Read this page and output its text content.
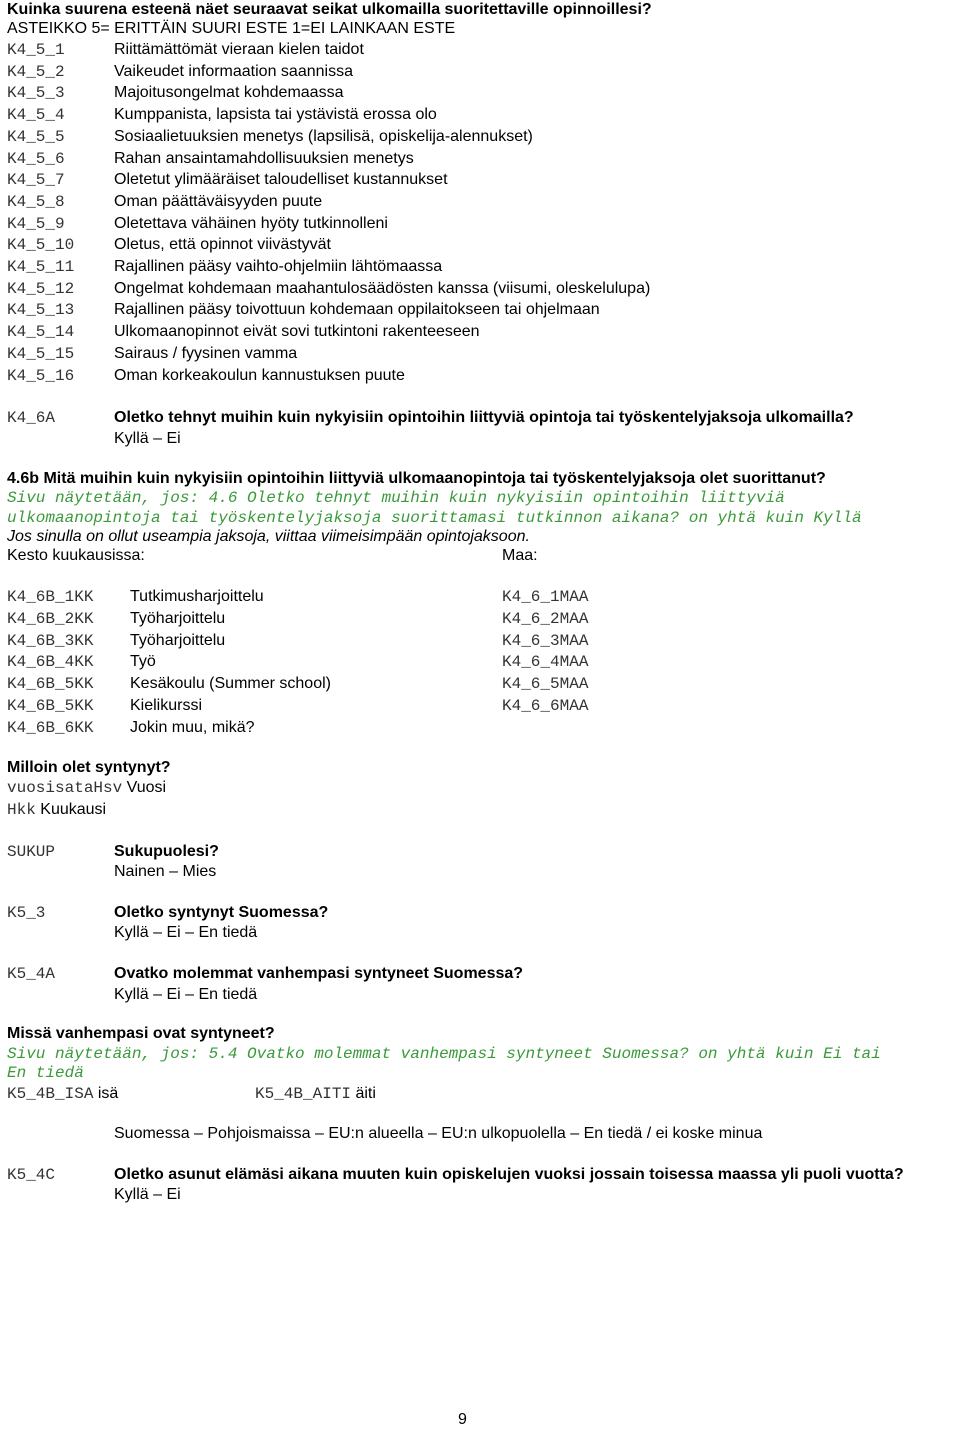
Kuinka suurena esteenä näet seuraavat seikat ulkomailla suoritettaville opinnoillesi?
ASTEIKKO 5= ERITTÄIN SUURI ESTE 1=EI LAINKAAN ESTE
K4_5_1	Riittämättömät vieraan kielen taidot
K4_5_2	Vaikeudet informaation saannissa
K4_5_3	Majoitusongelmat kohdemaassa
K4_5_4	Kumppanista, lapsista tai ystävistä erossa olo
K4_5_5	Sosiaalietuuksien menetys (lapsilisä, opiskelija-alennukset)
K4_5_6	Rahan ansaintamahdollisuuksien menetys
K4_5_7	Oletetut ylimääräiset taloudelliset kustannukset
K4_5_8	Oman päättäväisyyden puute
K4_5_9	Oletettava vähäinen hyöty tutkinnolleni
K4_5_10 Oletus, että opinnot viivästyvät
K4_5_11 Rajallinen pääsy vaihto-ohjelmiin lähtömaassa
K4_5_12 Ongelmat kohdemaan maahantulosäädösten kanssa (viisumi, oleskelulupa)
K4_5_13 Rajallinen pääsy toivottuun kohdemaan oppilaitokseen tai ohjelmaan
K4_5_14 Ulkomaanopinnot eivät sovi tutkintoni rakenteeseen
K4_5_15 Sairaus / fyysinen vamma
K4_5_16 Oman korkeakoulun kannustuksen puute
K4_6A	Oletko tehnyt muihin kuin nykyisiin opintoihin liittyviä opintoja tai työskentelyjaksoja ulkomailla?
Kyllä – Ei
4.6b Mitä muihin kuin nykyisiin opintoihin liittyviä ulkomaanopintoja tai työskentelyjaksoja olet suorittanut?
Sivu näytetään, jos: 4.6 Oletko tehnyt muihin kuin nykyisiin opintoihin liittyviä
ulkomaanopintoja tai työskentelyjaksoja suorittamasi tutkinnon aikana? on yhtä kuin Kyllä
Jos sinulla on ollut useampia jaksoja, viittaa viimeisimpään opintojaksoon.
Kesto kuukausissa:	Maa:
K4_6B_1KK Tutkimusharjoittelu	K4_6_1MAA
K4_6B_2KK Työharjoittelu	K4_6_2MAA
K4_6B_3KK Työharjoittelu	K4_6_3MAA
K4_6B_4KK Työ	K4_6_4MAA
K4_6B_5KK Kesäkoulu (Summer school)	K4_6_5MAA
K4_6B_5KK Kielikurssi	K4_6_6MAA
K4_6B_6KK Jokin muu, mikä?
Milloin olet syntynyt?
vuosisataHsv Vuosi
Hkk Kuukausi
SUKUP	Sukupuolesi?
Nainen – Mies
K5_3	Oletko syntynyt Suomessa?
Kyllä – Ei – En tiedä
K5_4A	Ovatko molemmat vanhempasi syntyneet Suomessa?
Kyllä – Ei – En tiedä
Missä vanhempasi ovat syntyneet?
Sivu näytetään, jos: 5.4 Ovatko molemmat vanhempasi syntyneet Suomessa? on yhtä kuin Ei tai
En tiedä
K5_4B_ISA isä	K5_4B_AITI äiti
Suomessa – Pohjoismaissa – EU:n alueella – EU:n ulkopuolella – En tiedä / ei koske minua
K5_4C	Oletko asunut elämäsi aikana muuten kuin opiskelujen vuoksi jossain toisessa maassa yli puoli vuotta?
Kyllä – Ei
9
